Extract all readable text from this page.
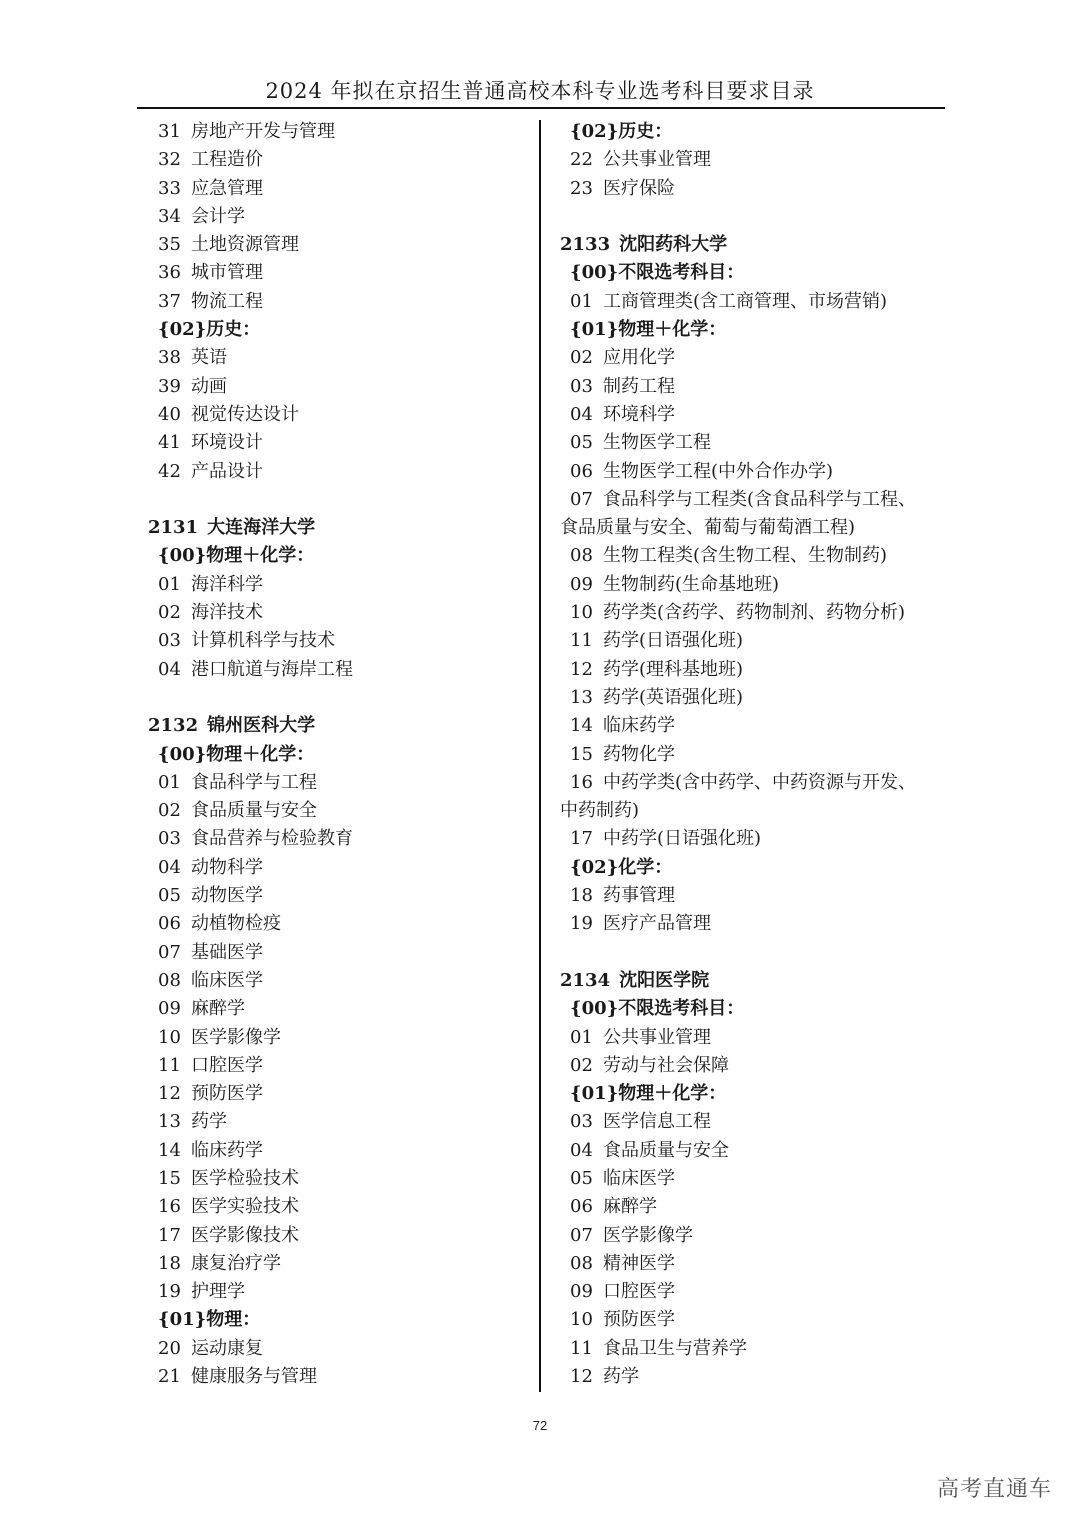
2024 年拟在京招生普通高校本科专业选考科目要求目录
31 房地产开发与管理
32 工程造价
33 应急管理
34 会计学
35 土地资源管理
36 城市管理
37 物流工程
{02}历史：
38 英语
39 动画
40 视觉传达设计
41 环境设计
42 产品设计
2131 大连海洋大学
{00}物理＋化学：
01 海洋科学
02 海洋技术
03 计算机科学与技术
04 港口航道与海岸工程
2132 锦州医科大学
{00}物理＋化学：
01 食品科学与工程
02 食品质量与安全
03 食品营养与检验教育
04 动物科学
05 动物医学
06 动植物检疫
07 基础医学
08 临床医学
09 麻醉学
10 医学影像学
11 口腔医学
12 预防医学
13 药学
14 临床药学
15 医学检验技术
16 医学实验技术
17 医学影像技术
18 康复治疗学
19 护理学
{01}物理：
20 运动康复
21 健康服务与管理
{02}历史：
22 公共事业管理
23 医疗保险
2133 沈阳药科大学
{00}不限选考科目：
01 工商管理类(含工商管理、市场营销)
{01}物理＋化学：
02 应用化学
03 制药工程
04 环境科学
05 生物医学工程
06 生物医学工程(中外合作办学)
07 食品科学与工程类(含食品科学与工程、
食品质量与安全、葡萄与葡萄酒工程)
08 生物工程类(含生物工程、生物制药)
09 生物制药(生命基地班)
10 药学类(含药学、药物制剂、药物分析)
11 药学(日语强化班)
12 药学(理科基地班)
13 药学(英语强化班)
14 临床药学
15 药物化学
16 中药学类(含中药学、中药资源与开发、
中药制药)
17 中药学(日语强化班)
{02}化学：
18 药事管理
19 医疗产品管理
2134 沈阳医学院
{00}不限选考科目：
01 公共事业管理
02 劳动与社会保障
{01}物理＋化学：
03 医学信息工程
04 食品质量与安全
05 临床医学
06 麻醉学
07 医学影像学
08 精神医学
09 口腔医学
10 预防医学
11 食品卫生与营养学
12 药学
72
高考直通车
